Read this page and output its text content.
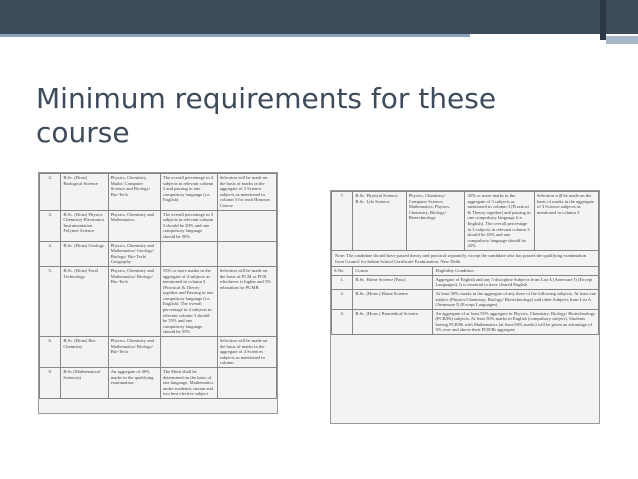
Minimum requirements for these course
2.	B.Sc. (Hons) Biological Science	Physics, Chemistry, Maths/ Computer Science and Biology/ Bio-Tech	The overall percentage in 4 subjects in relevant column 3 and passing in one compulsory language (i.e. English)	Selection will be made on the basis of marks in the aggregate of 3 Science subjects as mentioned in column 3 for each Honours Course
3.	B.Sc. (Hons) Physics Chemistry Electronics Instrumentation Polymer Science	Physics, Chemistry and Mathematics	The overall percentage in 3 subjects in relevant column 3 should be 50% and one compulsory language should be 50%	
4.	B.Sc. (Hons) Geology	Physics, Chemistry and Mathematics/ Geology/ Biology/ Bio-Tech/ Geography		
5.	B.Sc. (Hons) Food Technology	Physics, Chemistry and Mathematics/ Biology/ Bio-Tech	55% or more marks in the aggregate of 4 subjects as mentioned in column 3 (Practical & Theory together and Passing in one compulsory language (i.e. English). The overall percentage in 4 subjects in relevant column 3 should be 55% and one compulsory language should be 55%	Selection will be made on the basis of PCM or PCB whichever is higher and 5% relaxation for PCMB
6.	B.Sc. (Hons) Bio-Chemistry	Physics, Chemistry and Mathematics/ Biology/ Bio-Tech		Selection will be made on the basis of marks in the aggregate of 4 Sciences subjects as mentioned in column
8.	B.Sc.(Mathematical Sciences)	An aggregate of 40% marks in the qualifying examination.	The Merit shall be determined on the basis of one language, Mathematics under academic stream and two best elective subject.	
7.	B.Sc. Physical Science, B.Sc. Life Science	Physics, Chemistry/ Computer Science, Mathematics; Physics, Chemistry, Biology/ Biotechnology	45% or more marks in the aggregate of 3 subjects as mentioned in column 3 (Practical & Theory together) and passing in one compulsory language (i.e. English). The overall percentage in 3 subjects in relevant column 3 should be 45% and one compulsory language should be 45%	Selection will be made on the basis of marks in the aggregate of 3 Science subjects as mentioned in column 3
Note: The candidate should have passed theory and practical separately, except the candidate who has passed the qualifying examination from Council for Indian School Certificate Examination, New Delhi
S.No.	Course	Eligibility Condition
1.	B.Sc. Home Science (Pass)	Aggregate of English and any 3 discipline Subjects from List A (Annexure I) (Except Languages). It is essential to have cleared English
2.	B.Sc. (Hons.) Home Science	At least 50% marks in the aggregate of any three of the following subjects: At least one subject (Physics/Chemistry, Biology/ Biotechnology) and other Subjects from List A (Annexure I) (Except Languages)
3.	B.Sc. (Hons.) Biomedical Science	An aggregate of at least 55% aggregate in Physics, Chemistry, Biology/ Biotechnology (PCB/Bt) subjects. At least 50% marks in English (compulsory subject). Students having PCB/Bt with Mathematics (at least 60% marks) will be given an advantage of 5% over and above their PCB/Bt aggregate
